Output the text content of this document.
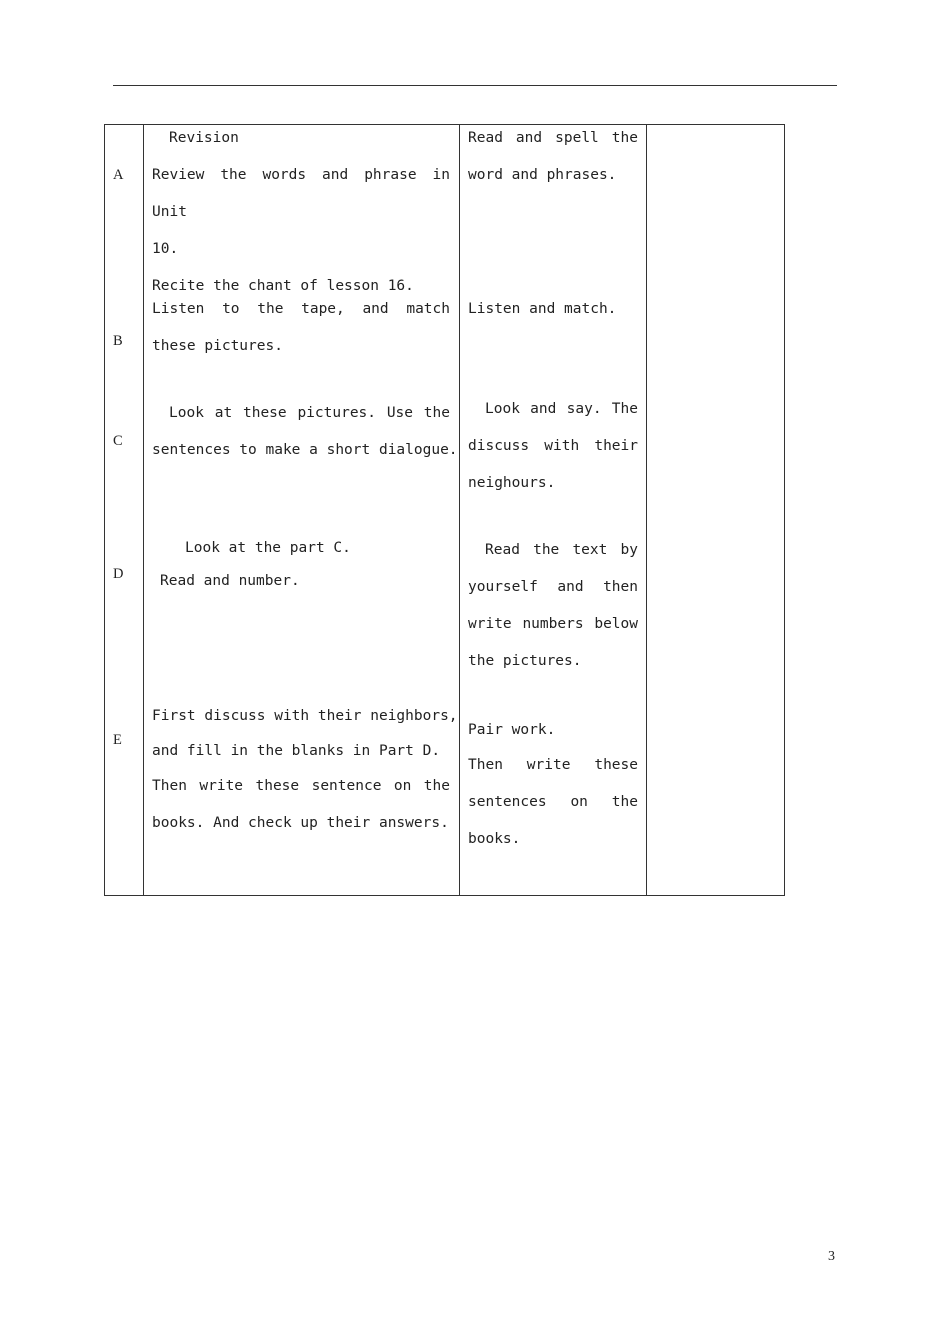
A
Revision
Review the words and phrase in Unit
10.
Recite the chant of lesson 16.
Read and spell the
word and phrases.
B
Listen to the tape, and match
these pictures.
Listen and match.
C
Look at these pictures. Use the
sentences to make a short dialogue.
Look and say. The
discuss with their
neighours.
D
Look at the part C.
Read and number.
Read the text by
yourself and then
write numbers below
the pictures.
E
First discuss with their neighbors,
and fill in the blanks in Part D.
Then write these sentence on the
books. And check up their answers.
Pair work.
Then write these
sentences on the
books.
3
